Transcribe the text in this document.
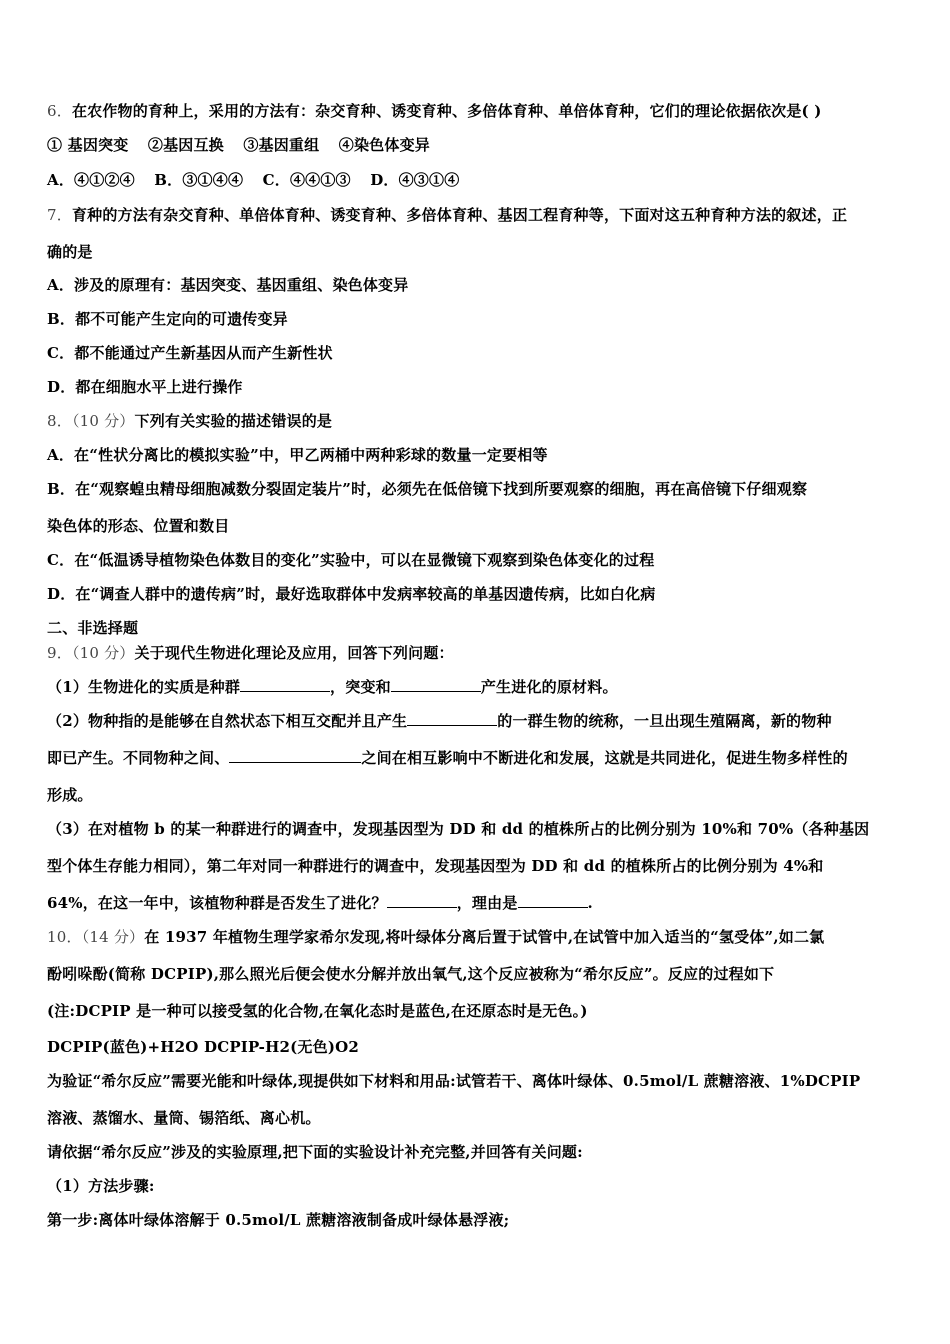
6．在农作物的育种上，采用的方法有：杂交育种、诱变育种、多倍体育种、单倍体育种，它们的理论依据依次是( )
① 基因突变 ②基因互换 ③基因重组 ④染色体变异
A．④①②④ B．③①④④ C．④④①③ D．④③①④
7．育种的方法有杂交育种、单倍体育种、诱变育种、多倍体育种、基因工程育种等，下面对这五种育种方法的叙述，正
确的是
A．涉及的原理有：基因突变、基因重组、染色体变异
B．都不可能产生定向的可遗传变异
C．都不能通过产生新基因从而产生新性状
D．都在细胞水平上进行操作
8．（10 分）下列有关实验的描述错误的是
A．在“性状分离比的模拟实验”中，甲乙两桶中两种彩球的数量一定要相等
B．在“观察蝗虫精母细胞减数分裂固定装片”时，必须先在低倍镜下找到所要观察的细胞，再在高倍镜下仔细观察
染色体的形态、位置和数目
C．在“低温诱导植物染色体数目的变化”实验中，可以在显微镜下观察到染色体变化的过程
D．在“调查人群中的遗传病”时，最好选取群体中发病率较高的单基因遗传病，比如白化病
二、非选择题
9．（10 分）关于现代生物进化理论及应用，回答下列问题：
（1）生物进化的实质是种群	，突变和	产生进化的原材料。
（2）物种指的是能够在自然状态下相互交配并且产生	的一群生物的统称，一旦出现生殖隔离，新的物种
即已产生。不同物种之间、	之间在相互影响中不断进化和发展，这就是共同进化，促进生物多样性的
形成。
（3）在对植物 b 的某一种群进行的调查中，发现基因型为 DD 和 dd 的植株所占的比例分别为 10%和 70%（各种基因
型个体生存能力相同），第二年对同一种群进行的调查中，发现基因型为 DD 和 dd 的植株所占的比例分别为 4%和
64%，在这一年中，该植物种群是否发生了进化？	，理由是	.
10．（14 分）在 1937 年植物生理学家希尔发现,将叶绿体分离后置于试管中,在试管中加入适当的“氢受体”,如二氯
酚吲哚酚(简称 DCPIP),那么照光后便会使水分解并放出氧气,这个反应被称为“希尔反应”。反应的过程如下
(注:DCPIP 是一种可以接受氢的化合物,在氧化态时是蓝色,在还原态时是无色。)
DCPIP(蓝色)+H2O DCPIP-H2(无色)O2
为验证“希尔反应”需要光能和叶绿体,现提供如下材料和用品:试管若干、离体叶绿体、0.5mol/L 蔗糖溶液、1%DCPIP
溶液、蒸馏水、量筒、锡箔纸、离心机。
请依据“希尔反应”涉及的实验原理,把下面的实验设计补充完整,并回答有关问题:
（1）方法步骤:
第一步:离体叶绿体溶解于 0.5mol/L 蔗糖溶液制备成叶绿体悬浮液;
